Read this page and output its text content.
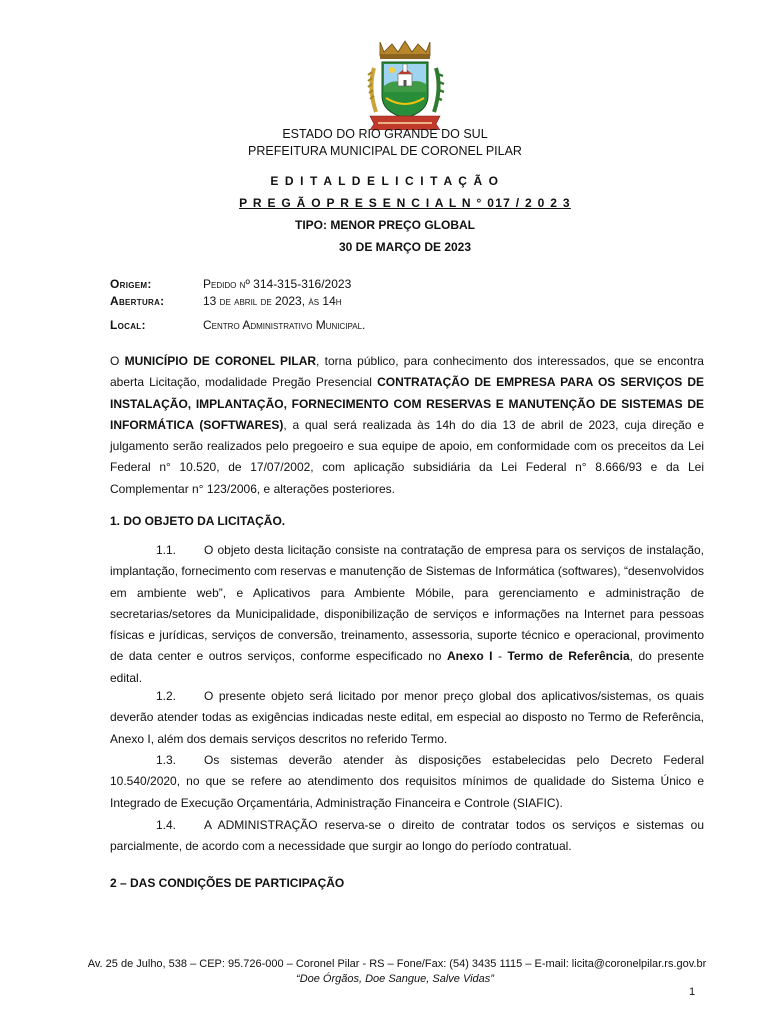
ESTADO DO RIO GRANDE DO SUL
PREFEITURA MUNICIPAL DE CORONEL PILAR
E D I T A L D E L I C I T A Ç Ã O
P R E G Ã O P R E S E N C I A L N ° 017 / 2 0 2 3
TIPO: MENOR PREÇO GLOBAL
30 DE MARÇO DE 2023
Origem:	Pedido nº 314-315-316/2023
Abertura:	13 de abril de 2023, às 14h
Local:	Centro Administrativo Municipal.
O MUNICÍPIO DE CORONEL PILAR, torna público, para conhecimento dos interessados, que se encontra aberta Licitação, modalidade Pregão Presencial CONTRATAÇÃO DE EMPRESA PARA OS SERVIÇOS DE INSTALAÇÃO, IMPLANTAÇÃO, FORNECIMENTO COM RESERVAS E MANUTENÇÃO DE SISTEMAS DE INFORMÁTICA (SOFTWARES), a qual será realizada às 14h do dia 13 de abril de 2023, cuja direção e julgamento serão realizados pelo pregoeiro e sua equipe de apoio, em conformidade com os preceitos da Lei Federal n° 10.520, de 17/07/2002, com aplicação subsidiária da Lei Federal n° 8.666/93 e da Lei Complementar n° 123/2006, e alterações posteriores.
1. DO OBJETO DA LICITAÇÃO.
1.1. O objeto desta licitação consiste na contratação de empresa para os serviços de instalação, implantação, fornecimento com reservas e manutenção de Sistemas de Informática (softwares), “desenvolvidos em ambiente web”, e Aplicativos para Ambiente Móbile, para gerenciamento e administração de secretarias/setores da Municipalidade, disponibilização de serviços e informações na Internet para pessoas físicas e jurídicas, serviços de conversão, treinamento, assessoria, suporte técnico e operacional, provimento de data center e outros serviços, conforme especificado no Anexo I - Termo de Referência, do presente edital.
1.2. O presente objeto será licitado por menor preço global dos aplicativos/sistemas, os quais deverão atender todas as exigências indicadas neste edital, em especial ao disposto no Termo de Referência, Anexo I, além dos demais serviços descritos no referido Termo.
1.3. Os sistemas deverão atender às disposições estabelecidas pelo Decreto Federal 10.540/2020, no que se refere ao atendimento dos requisitos mínimos de qualidade do Sistema Único e Integrado de Execução Orçamentária, Administração Financeira e Controle (SIAFIC).
1.4. A ADMINISTRAÇÃO reserva-se o direito de contratar todos os serviços e sistemas ou parcialmente, de acordo com a necessidade que surgir ao longo do período contratual.
2 – DAS CONDIÇÕES DE PARTICIPAÇÃO
Av. 25 de Julho, 538 – CEP: 95.726-000 – Coronel Pilar - RS – Fone/Fax: (54) 3435 1115 – E-mail: licita@coronelpilar.rs.gov.br
“Doe Órgãos, Doe Sangue, Salve Vidas”
1
